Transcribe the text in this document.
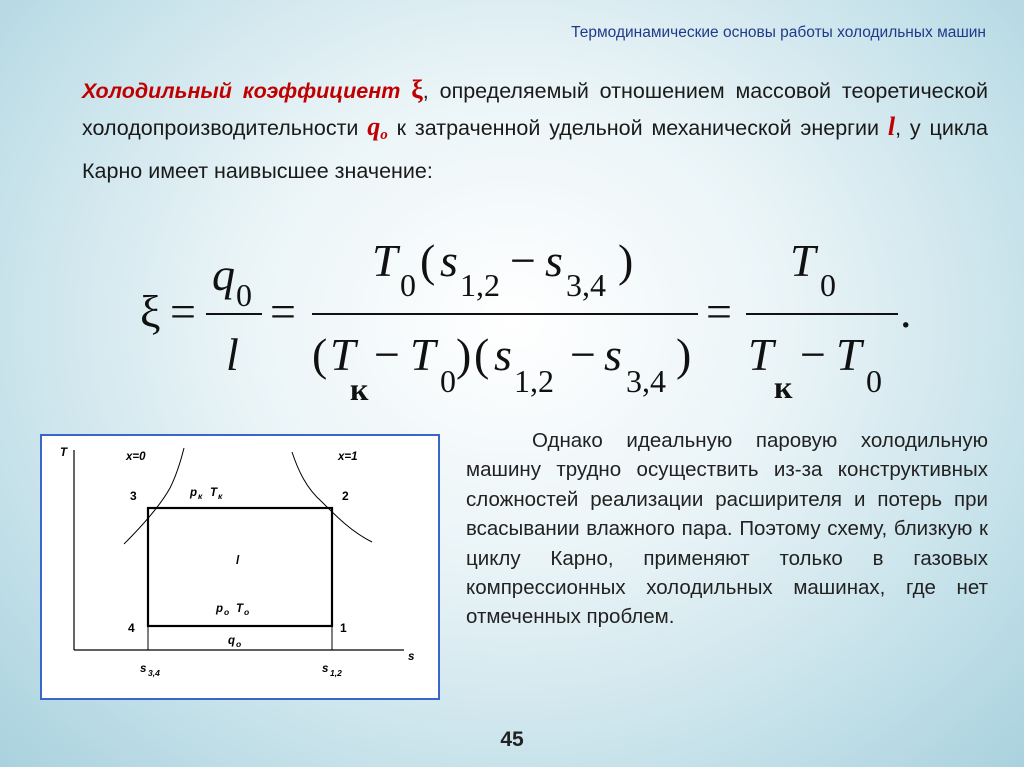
Термодинамические основы работы холодильных машин
Холодильный коэффициент ξ, определяемый отношением массовой теоретической холодопроизводительности $q_о$ к затраченной удельной механической энергии l, у цикла Карно имеет наивысшее значение:
ξ =
q 0
l
=
T 0 ( s 1,2 − s 3,4 )
( T
к
− T
0
) ( s
1,2
− s
3,4
)
=
T 0
T
к
− T
0
.
T
s
x=0	x=1
3	2
4	1
p к T к
l
p о T о
q о
s 3,4	s 1,2
Однако идеальную паровую холодильную машину трудно осуществить из-за конструктивных сложностей реализации расширителя и потерь при всасывании влажного пара. Поэтому схему, близкую к циклу Карно, применяют только в газовых компрессионных холодильных машинах, где нет отмеченных проблем.
45
